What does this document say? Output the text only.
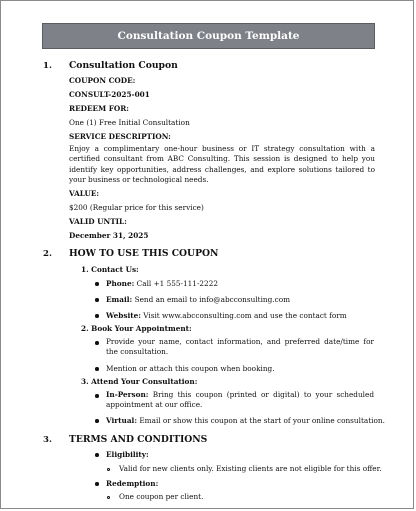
Consultation Coupon Template
1. Consultation Coupon
COUPON CODE:
CONSULT-2025-001
REDEEM FOR:
One (1) Free Initial Consultation
SERVICE DESCRIPTION:
Enjoy a complimentary one-hour business or IT strategy consultation with a certified consultant from ABC Consulting. This session is designed to help you identify key opportunities, address challenges, and explore solutions tailored to your business or technological needs.
VALUE:
$200 (Regular price for this service)
VALID UNTIL:
December 31, 2025
2. HOW TO USE THIS COUPON
1. Contact Us:
Phone: Call +1 555-111-2222
Email: Send an email to info@abcconsulting.com
Website: Visit www.abcconsulting.com and use the contact form
2. Book Your Appointment:
Provide your name, contact information, and preferred date/time for the consultation.
Mention or attach this coupon when booking.
3. Attend Your Consultation:
In-Person: Bring this coupon (printed or digital) to your scheduled appointment at our office.
Virtual: Email or show this coupon at the start of your online consultation.
3. TERMS AND CONDITIONS
Eligibility:
Valid for new clients only. Existing clients are not eligible for this offer.
Redemption:
One coupon per client.
